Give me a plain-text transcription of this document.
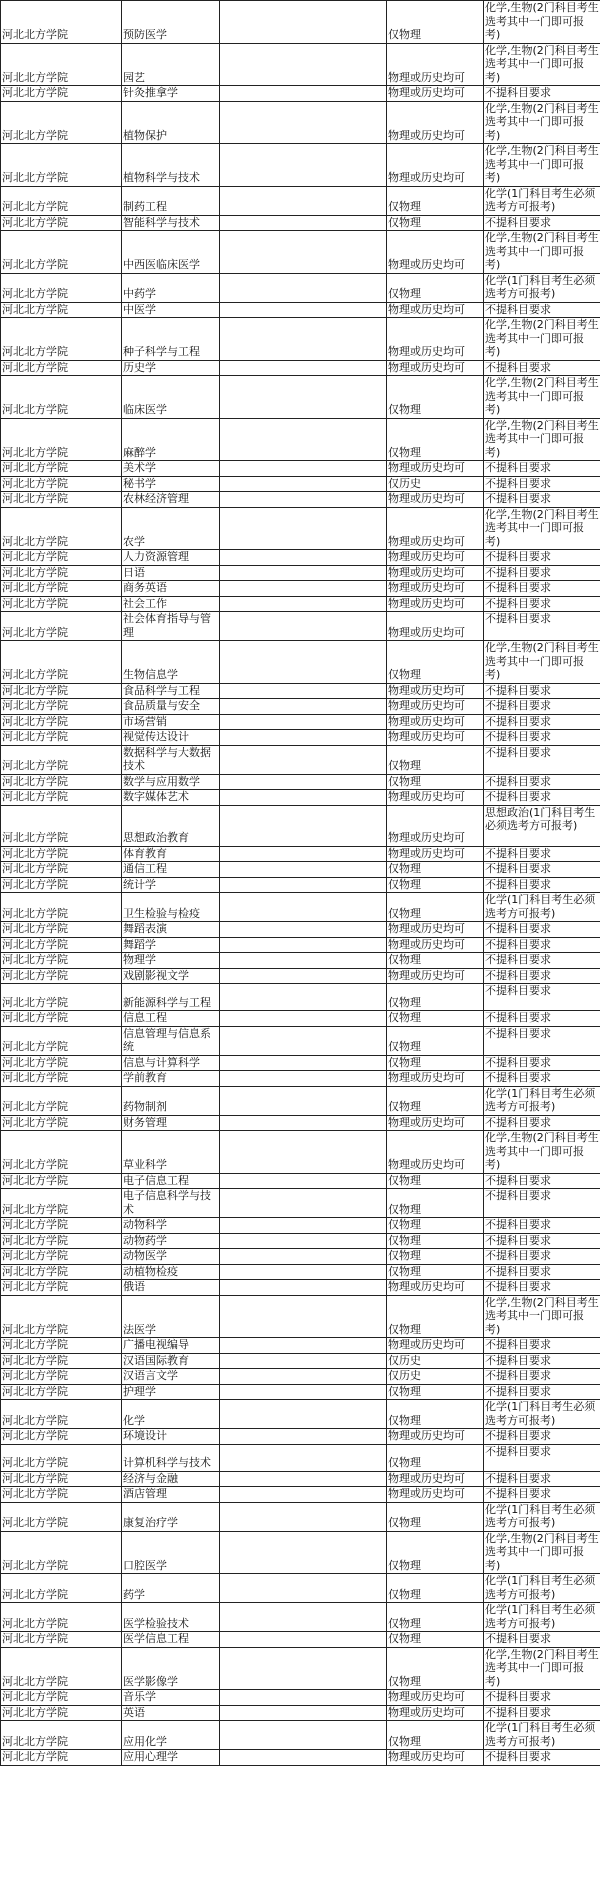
河北北方学院	预防医学		仅物理	化学,生物(2门科目考生选考其中一门即可报考)
河北北方学院	园艺		物理或历史均可	化学,生物(2门科目考生选考其中一门即可报考)
河北北方学院	针灸推拿学		物理或历史均可	不提科目要求
河北北方学院	植物保护		物理或历史均可	化学,生物(2门科目考生选考其中一门即可报考)
河北北方学院	植物科学与技术		物理或历史均可	化学,生物(2门科目考生选考其中一门即可报考)
河北北方学院	制药工程		仅物理	化学(1门科目考生必须选考方可报考)
河北北方学院	智能科学与技术		仅物理	不提科目要求
河北北方学院	中西医临床医学		物理或历史均可	化学,生物(2门科目考生选考其中一门即可报考)
河北北方学院	中药学		仅物理	化学(1门科目考生必须选考方可报考)
河北北方学院	中医学		物理或历史均可	不提科目要求
河北北方学院	种子科学与工程		物理或历史均可	化学,生物(2门科目考生选考其中一门即可报考)
河北北方学院	历史学		物理或历史均可	不提科目要求
河北北方学院	临床医学		仅物理	化学,生物(2门科目考生选考其中一门即可报考)
河北北方学院	麻醉学		仅物理	化学,生物(2门科目考生选考其中一门即可报考)
河北北方学院	美术学		物理或历史均可	不提科目要求
河北北方学院	秘书学		仅历史	不提科目要求
河北北方学院	农林经济管理		物理或历史均可	不提科目要求
河北北方学院	农学		物理或历史均可	化学,生物(2门科目考生选考其中一门即可报考)
河北北方学院	人力资源管理		物理或历史均可	不提科目要求
河北北方学院	日语		物理或历史均可	不提科目要求
河北北方学院	商务英语		物理或历史均可	不提科目要求
河北北方学院	社会工作		物理或历史均可	不提科目要求
河北北方学院	社会体育指导与管理		物理或历史均可	不提科目要求
河北北方学院	生物信息学		仅物理	化学,生物(2门科目考生选考其中一门即可报考)
河北北方学院	食品科学与工程		物理或历史均可	不提科目要求
河北北方学院	食品质量与安全		物理或历史均可	不提科目要求
河北北方学院	市场营销		物理或历史均可	不提科目要求
河北北方学院	视觉传达设计		物理或历史均可	不提科目要求
河北北方学院	数据科学与大数据技术		仅物理	不提科目要求
河北北方学院	数学与应用数学		仅物理	不提科目要求
河北北方学院	数字媒体艺术		物理或历史均可	不提科目要求
河北北方学院	思想政治教育		物理或历史均可	思想政治(1门科目考生必须选考方可报考)
河北北方学院	体育教育		物理或历史均可	不提科目要求
河北北方学院	通信工程		仅物理	不提科目要求
河北北方学院	统计学		仅物理	不提科目要求
河北北方学院	卫生检验与检疫		仅物理	化学(1门科目考生必须选考方可报考)
河北北方学院	舞蹈表演		物理或历史均可	不提科目要求
河北北方学院	舞蹈学		物理或历史均可	不提科目要求
河北北方学院	物理学		仅物理	不提科目要求
河北北方学院	戏剧影视文学		物理或历史均可	不提科目要求
河北北方学院	新能源科学与工程		仅物理	不提科目要求
河北北方学院	信息工程		仅物理	不提科目要求
河北北方学院	信息管理与信息系统		仅物理	不提科目要求
河北北方学院	信息与计算科学		仅物理	不提科目要求
河北北方学院	学前教育		物理或历史均可	不提科目要求
河北北方学院	药物制剂		仅物理	化学(1门科目考生必须选考方可报考)
河北北方学院	财务管理		物理或历史均可	不提科目要求
河北北方学院	草业科学		物理或历史均可	化学,生物(2门科目考生选考其中一门即可报考)
河北北方学院	电子信息工程		仅物理	不提科目要求
河北北方学院	电子信息科学与技术		仅物理	不提科目要求
河北北方学院	动物科学		仅物理	不提科目要求
河北北方学院	动物药学		仅物理	不提科目要求
河北北方学院	动物医学		仅物理	不提科目要求
河北北方学院	动植物检疫		仅物理	不提科目要求
河北北方学院	俄语		物理或历史均可	不提科目要求
河北北方学院	法医学		仅物理	化学,生物(2门科目考生选考其中一门即可报考)
河北北方学院	广播电视编导		物理或历史均可	不提科目要求
河北北方学院	汉语国际教育		仅历史	不提科目要求
河北北方学院	汉语言文学		仅历史	不提科目要求
河北北方学院	护理学		仅物理	不提科目要求
河北北方学院	化学		仅物理	化学(1门科目考生必须选考方可报考)
河北北方学院	环境设计		物理或历史均可	不提科目要求
河北北方学院	计算机科学与技术		仅物理	不提科目要求
河北北方学院	经济与金融		物理或历史均可	不提科目要求
河北北方学院	酒店管理		物理或历史均可	不提科目要求
河北北方学院	康复治疗学		仅物理	化学(1门科目考生必须选考方可报考)
河北北方学院	口腔医学		仅物理	化学,生物(2门科目考生选考其中一门即可报考)
河北北方学院	药学		仅物理	化学(1门科目考生必须选考方可报考)
河北北方学院	医学检验技术		仅物理	化学(1门科目考生必须选考方可报考)
河北北方学院	医学信息工程		仅物理	不提科目要求
河北北方学院	医学影像学		仅物理	化学,生物(2门科目考生选考其中一门即可报考)
河北北方学院	音乐学		物理或历史均可	不提科目要求
河北北方学院	英语		物理或历史均可	不提科目要求
河北北方学院	应用化学		仅物理	化学(1门科目考生必须选考方可报考)
河北北方学院	应用心理学		物理或历史均可	不提科目要求
